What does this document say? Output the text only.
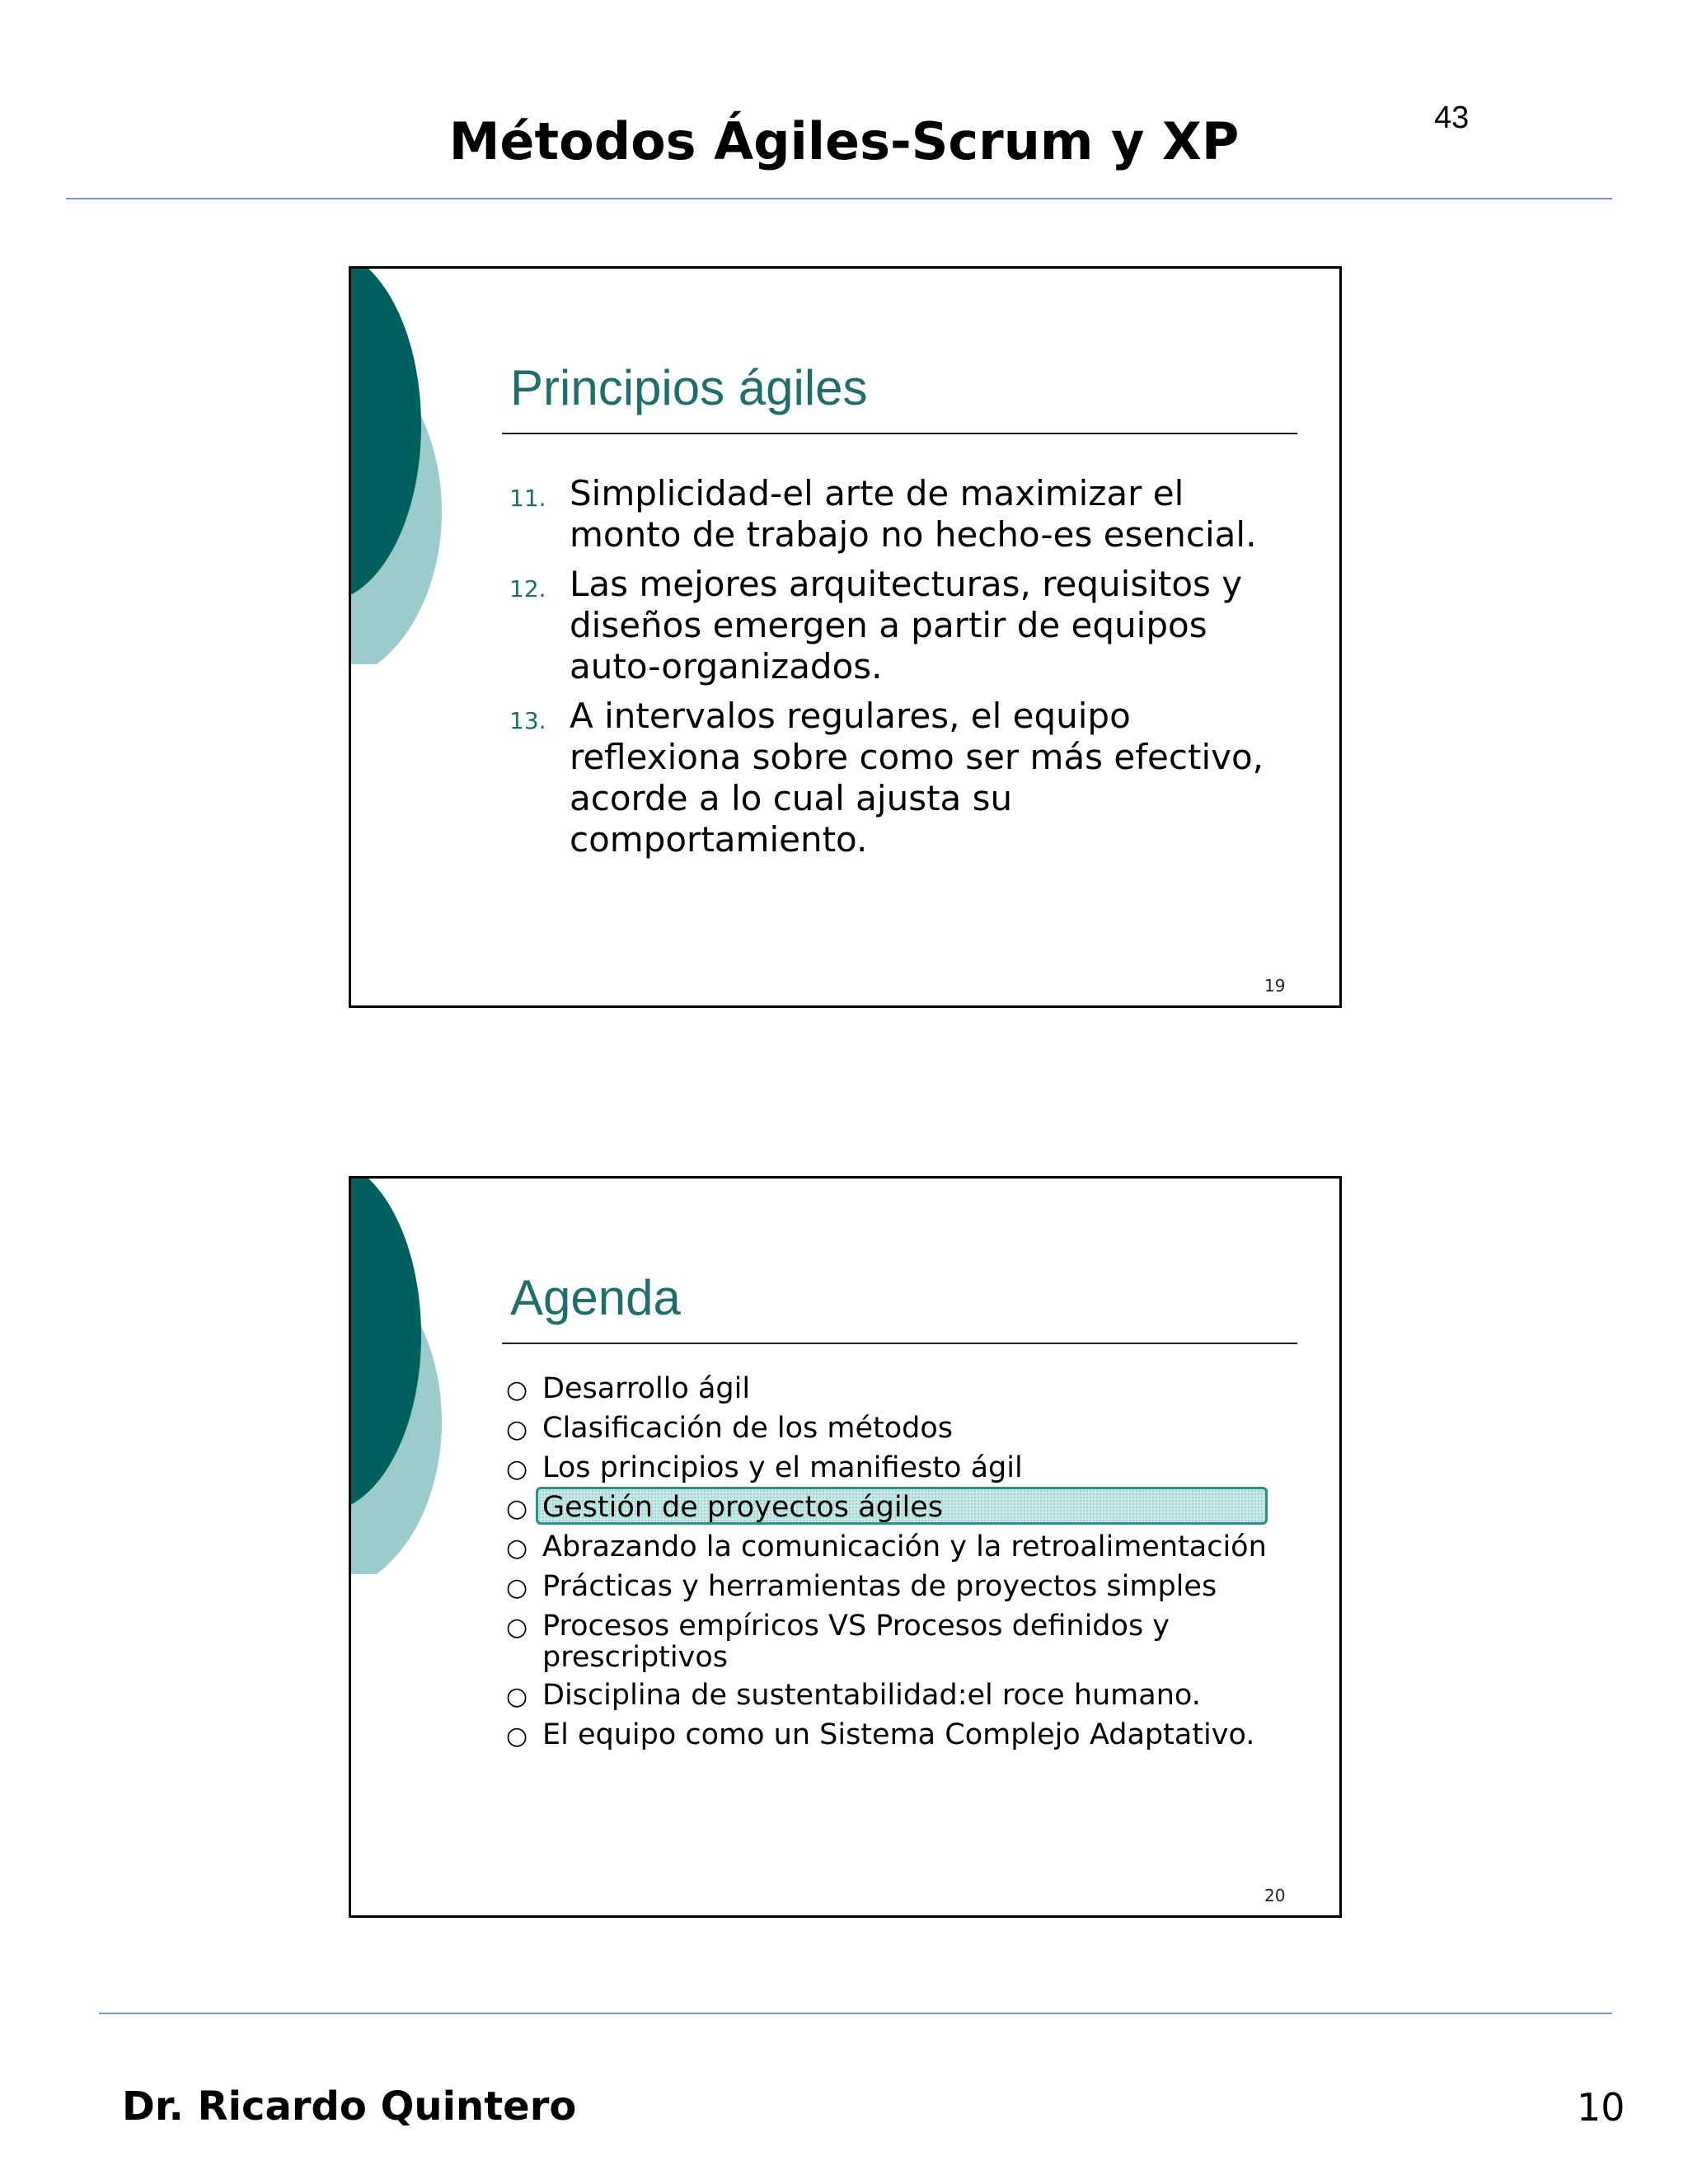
43
Métodos Ágiles-Scrum y XP
Principios ágiles
11. Simplicidad-el arte de maximizar el
monto de trabajo no hecho-es esencial.
12. Las mejores arquitecturas, requisitos y
diseños emergen a partir de equipos
auto-organizados.
13. A intervalos regulares, el equipo
reflexiona sobre como ser más efectivo,
acorde a lo cual ajusta su
comportamiento.
19
Agenda
○ Desarrollo ágil
○ Clasificación de los métodos
○ Los principios y el manifiesto ágil
○ Gestión de proyectos ágiles
○ Abrazando la comunicación y la retroalimentación
○ Prácticas y herramientas de proyectos simples
○ Procesos empíricos VS Procesos definidos y prescriptivos
○ Disciplina de sustentabilidad:el roce humano.
○ El equipo como un Sistema Complejo Adaptativo.
20
Dr. Ricardo Quintero	10
